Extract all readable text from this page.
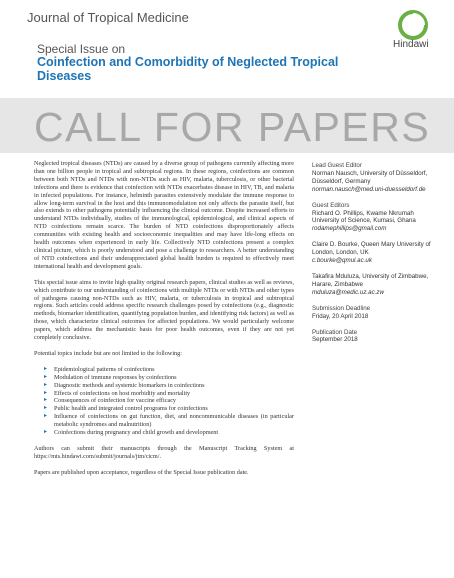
Journal of Tropical Medicine
Special Issue on
Coinfection and Comorbidity of Neglected Tropical Diseases
Hindawi
CALL FOR PAPERS

Neglected tropical diseases (NTDs) are caused by a diverse group of pathogens currently affecting more than one billion people in tropical and subtropical regions. In these regions, coinfections are common between both NTDs and NTDs with non-NTDs such as HIV, malaria, tuberculosis, or other bacterial infections and there is evidence that coinfection with NTDs exacerbates disease in HIV, TB, and malaria in infected populations. For instance, helminth parasites extensively modulate the immune response to allow long-term survival in the host and this immunomodulation not only affects the parasite itself, but also extends to other pathogens potentially influencing the clinical outcome. Despite increased efforts to understand NTDs individually, studies of the immunological, epidemiological, and clinical aspects of NTD coinfections remain scarce. The burden of NTD coinfections disproportionately affects communities with existing health and socioeconomic inequalities and may have life-long effects on health outcomes when experienced in early life. Collectively NTD coinfections present a complex clinical picture, which is poorly understood and pose a challenge to researchers. A better understanding of NTD coinfections and their underappreciated global health burden is required to effectively meet international health and development goals.

This special issue aims to invite high quality original research papers, clinical studies as well as reviews, which contribute to our understanding of coinfections with multiple NTDs or with NTDs and other types of pathogens causing non-NTDs such as HIV, malaria, or tuberculosis in tropical and subtropical regions. Such articles could address specific research challenges posed by coinfections (e.g., diagnostic methods, biomarker identification, quantifying population burden, and identifying risk factors) as well as those, which characterize clinical outcomes for affected populations. We would particularly welcome papers, which address the mechanistic basis for poor health outcomes, even if they are not yet completely conclusive.

Potential topics include but are not limited to the following:

▸ Epidemiological patterns of coinfections
▸ Modulation of immune responses by coinfections
▸ Diagnostic methods and systemic biomarkers in coinfections
▸ Effects of coinfections on host morbidity and mortality
▸ Consequences of coinfection for vaccine efficacy
▸ Public health and integrated control programs for coinfections
▸ Influence of coinfections on gut function, diet, and noncommunicable diseases (in particular metabolic syndromes and malnutrition)
▸ Coinfections during pregnancy and child growth and development

Authors can submit their manuscripts through the Manuscript Tracking System at https://mts.hindawi.com/submit/journals/jtm/cicm/.

Papers are published upon acceptance, regardless of the Special Issue publication date.

Lead Guest Editor
Norman Nausch, University of Düsseldorf, Düsseldorf, Germany
norman.nausch@med.uni-duesseldorf.de
Guest Editors
Richard O. Phillips, Kwame Nkrumah University of Science, Kumasi, Ghana
rodamephillips@gmail.com
Claire D. Bourke, Queen Mary University of London, London, UK
c.bourke@qmul.ac.uk
Takafira Mduluza, University of Zimbabwe, Harare, Zimbabwe
mduluza@medic.uz.ac.zw
Submission Deadline
Friday, 20 April 2018
Publication Date
September 2018
